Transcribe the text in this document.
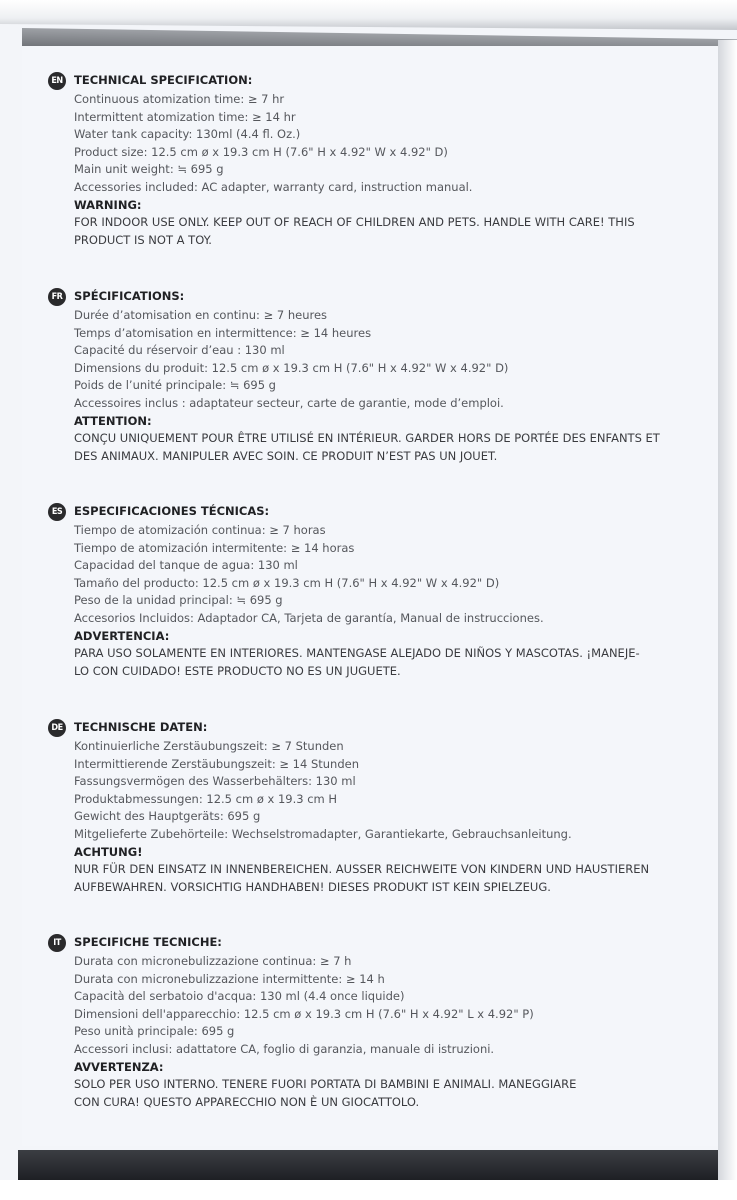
EN TECHNICAL SPECIFICATION:
Continuous atomization time: ≥ 7 hr
Intermittent atomization time: ≥ 14 hr
Water tank capacity: 130ml (4.4 fl. Oz.)
Product size: 12.5 cm ø x 19.3 cm H (7.6" H x 4.92" W x 4.92" D)
Main unit weight: ≒ 695 g
Accessories included: AC adapter, warranty card, instruction manual.
WARNING:
FOR INDOOR USE ONLY. KEEP OUT OF REACH OF CHILDREN AND PETS. HANDLE WITH CARE! THIS
PRODUCT IS NOT A TOY.
FR	SPÉCIFICATIONS:
Durée d’atomisation en continu: ≥ 7 heures
Temps d’atomisation en intermittence: ≥ 14 heures
Capacité du réservoir d’eau : 130 ml
Dimensions du produit: 12.5 cm ø x 19.3 cm H (7.6" H x 4.92" W x 4.92" D)
Poids de l’unité principale: ≒ 695 g
Accessoires inclus : adaptateur secteur, carte de garantie, mode d’emploi.
ATTENTION:
CONÇU UNIQUEMENT POUR ÊTRE UTILISÉ EN INTÉRIEUR. GARDER HORS DE PORTÉE DES ENFANTS ET
DES ANIMAUX. MANIPULER AVEC SOIN. CE PRODUIT N’EST PAS UN JOUET.
ES	ESPECIFICACIONES TÉCNICAS:
Tiempo de atomización continua: ≥ 7 horas
Tiempo de atomización intermitente: ≥ 14 horas
Capacidad del tanque de agua: 130 ml
Tamaño del producto: 12.5 cm ø x 19.3 cm H (7.6" H x 4.92" W x 4.92" D)
Peso de la unidad principal: ≒ 695 g
Accesorios Incluidos: Adaptador CA, Tarjeta de garantía, Manual de instrucciones.
ADVERTENCIA:
PARA USO SOLAMENTE EN INTERIORES. MANTENGASE ALEJADO DE NIÑOS Y MASCOTAS. ¡MANEJE-
LO CON CUIDADO! ESTE PRODUCTO NO ES UN JUGUETE.
DE TECHNISCHE DATEN:
Kontinuierliche Zerstäubungszeit: ≥ 7 Stunden
Intermittierende Zerstäubungszeit: ≥ 14 Stunden
Fassungsvermögen des Wasserbehälters: 130 ml
Produktabmessungen: 12.5 cm ø x 19.3 cm H
Gewicht des Hauptgeräts: 695 g
Mitgelieferte Zubehörteile: Wechselstromadapter, Garantiekarte, Gebrauchsanleitung.
ACHTUNG!
NUR FÜR DEN EINSATZ IN INNENBEREICHEN. AUSSER REICHWEITE VON KINDERN UND HAUSTIEREN
AUFBEWAHREN. VORSICHTIG HANDHABEN! DIESES PRODUKT IST KEIN SPIELZEUG.
IT	SPECIFICHE TECNICHE:
Durata con micronebulizzazione continua: ≥ 7 h
Durata con micronebulizzazione intermittente: ≥ 14 h
Capacità del serbatoio d'acqua: 130 ml (4.4 once liquide)
Dimensioni dell'apparecchio: 12.5 cm ø x 19.3 cm H (7.6" H x 4.92" L x 4.92" P)
Peso unità principale: 695 g
Accessori inclusi: adattatore CA, foglio di garanzia, manuale di istruzioni.
AVVERTENZA:
SOLO PER USO INTERNO. TENERE FUORI PORTATA DI BAMBINI E ANIMALI. MANEGGIARE
CON CURA! QUESTO APPARECCHIO NON È UN GIOCATTOLO.
